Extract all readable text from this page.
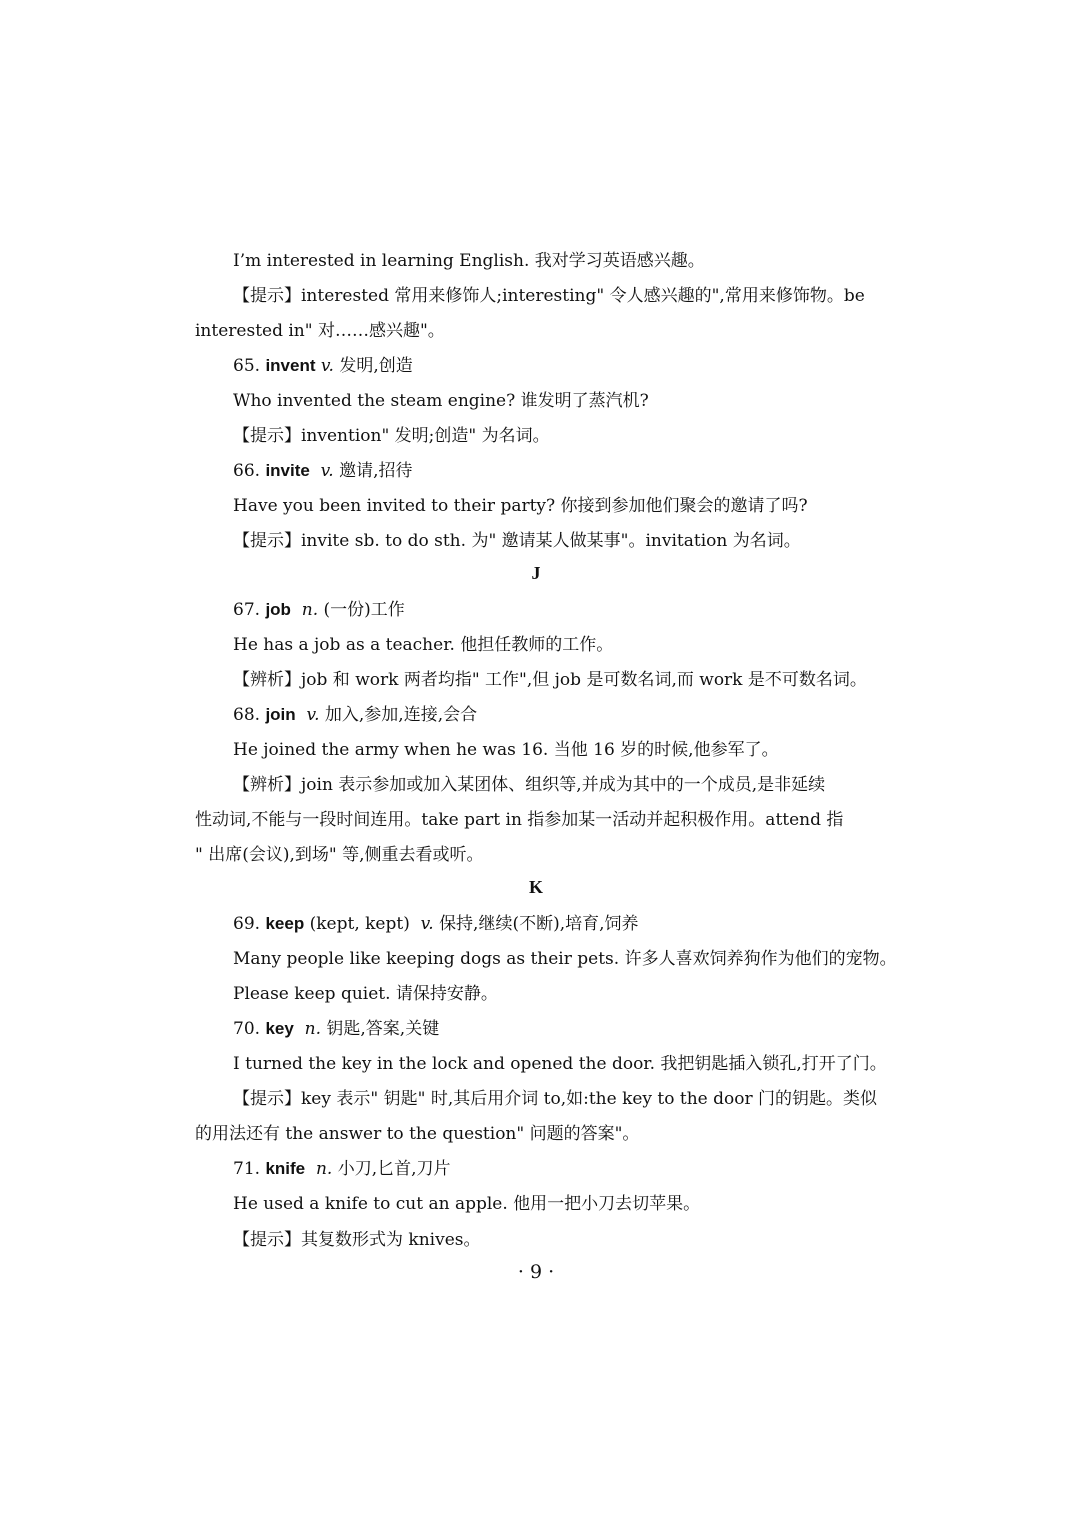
I’m interested in learning English. 我对学习英语感兴趣。
【提示】interested 常用来修饰人;interesting" 令人感兴趣的",常用来修饰物。be
interested in" 对……感兴趣"。
65. invent v. 发明,创造
Who invented the steam engine? 谁发明了蒸汽机?
【提示】invention" 发明;创造" 为名词。
66. invite v. 邀请,招待
Have you been invited to their party? 你接到参加他们聚会的邀请了吗?
【提示】invite sb. to do sth. 为" 邀请某人做某事"。invitation 为名词。
J
67. job n. (一份)工作
He has a job as a teacher. 他担任教师的工作。
【辨析】job 和 work 两者均指" 工作",但 job 是可数名词,而 work 是不可数名词。
68. join v. 加入,参加,连接,会合
He joined the army when he was 16. 当他 16 岁的时候,他参军了。
【辨析】join 表示参加或加入某团体、组织等,并成为其中的一个成员,是非延续
性动词,不能与一段时间连用。take part in 指参加某一活动并起积极作用。attend 指
" 出席(会议),到场" 等,侧重去看或听。
K
69. keep (kept, kept) v. 保持,继续(不断),培育,饲养
Many people like keeping dogs as their pets. 许多人喜欢饲养狗作为他们的宠物。
Please keep quiet. 请保持安静。
70. key n. 钥匙,答案,关键
I turned the key in the lock and opened the door. 我把钥匙插入锁孔,打开了门。
【提示】key 表示" 钥匙" 时,其后用介词 to,如:the key to the door 门的钥匙。类似
的用法还有 the answer to the question" 问题的答案"。
71. knife n. 小刀,匕首,刀片
He used a knife to cut an apple. 他用一把小刀去切苹果。
【提示】其复数形式为 knives。
· 9 ·
